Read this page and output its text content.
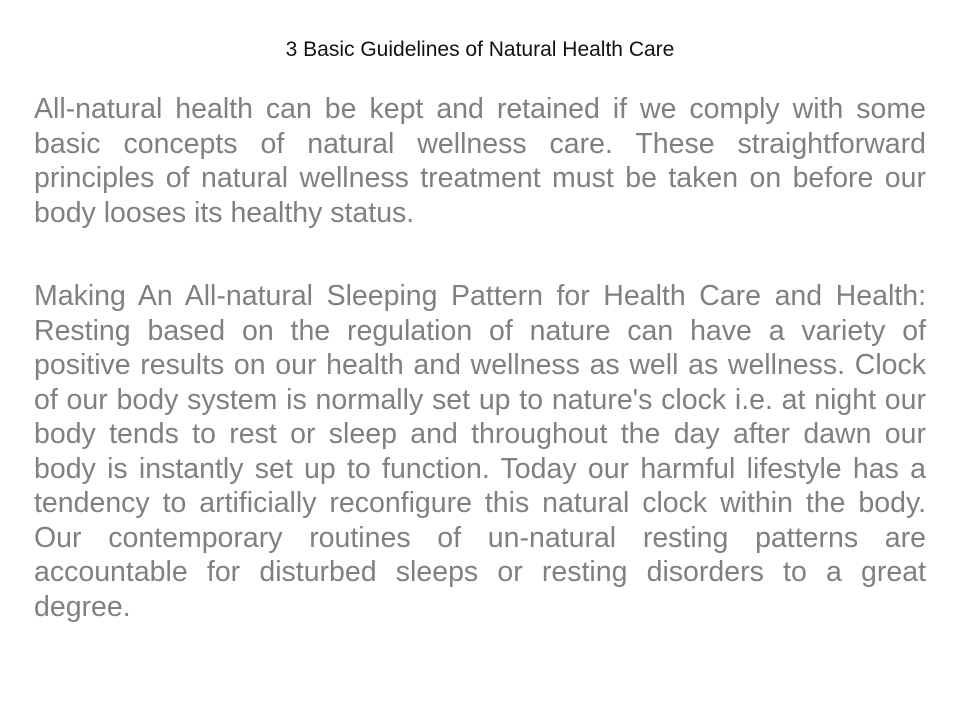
3 Basic Guidelines of Natural Health Care

All-natural health can be kept and retained if we comply with some basic concepts of natural wellness care. These straightforward principles of natural wellness treatment must be taken on before our body looses its healthy status.

Making An All-natural Sleeping Pattern for Health Care and Health: Resting based on the regulation of nature can have a variety of positive results on our health and wellness as well as wellness. Clock of our body system is normally set up to nature's clock i.e. at night our body tends to rest or sleep and throughout the day after dawn our body is instantly set up to function. Today our harmful lifestyle has a tendency to artificially reconfigure this natural clock within the body. Our contemporary routines of un-natural resting patterns are accountable for disturbed sleeps or resting disorders to a great degree.
